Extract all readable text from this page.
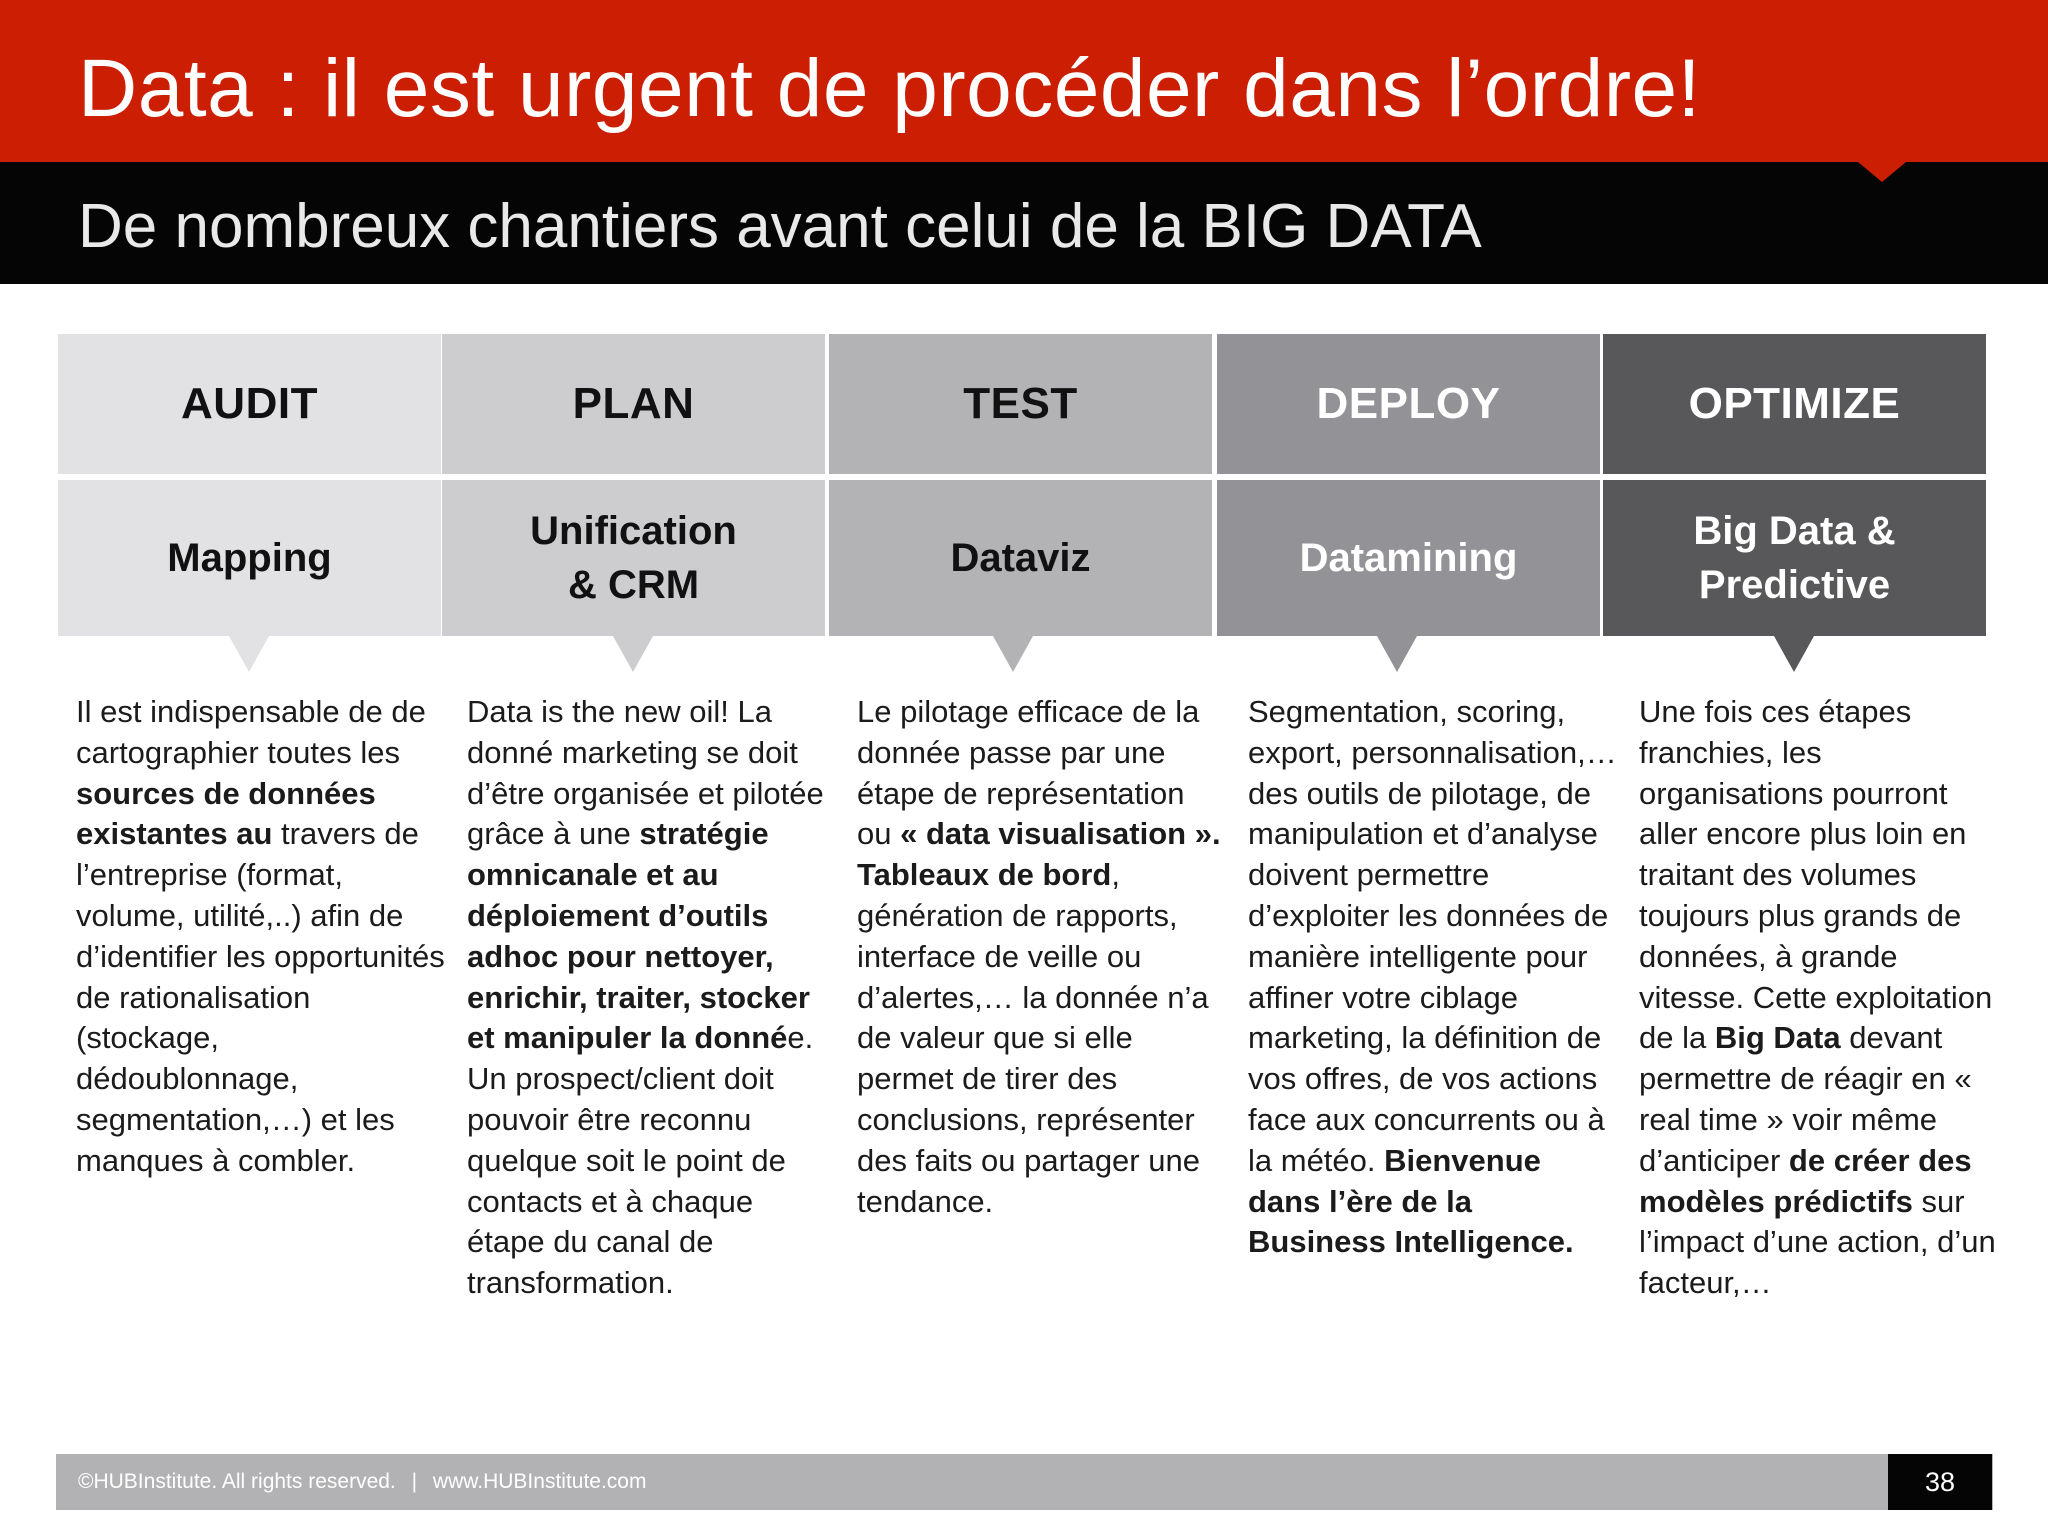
Data : il est urgent de procéder dans l’ordre!
De nombreux chantiers avant celui de la BIG DATA
AUDIT
Mapping
PLAN
Unification
& CRM
TEST
Dataviz
DEPLOY
Datamining
OPTIMIZE
Big Data &
Predictive
Il est indispensable de de cartographier toutes les sources de données existantes au travers de l’entreprise (format, volume, utilité,..) afin de d’identifier les opportunités de rationalisation (stockage, dédoublonnage, segmentation,…) et les manques à combler.
Data is the new oil! La donné marketing se doit d’être organisée et pilotée grâce à une stratégie omnicanale et au déploiement d’outils adhoc pour nettoyer, enrichir, traiter, stocker et manipuler la donnée. Un prospect/client doit pouvoir être reconnu quelque soit le point de contacts et à chaque étape du canal de transformation.
Le pilotage efficace de la donnée passe par une étape de représentation ou « data visualisation ». Tableaux de bord, génération de rapports, interface de veille ou d’alertes,… la donnée n’a de valeur que si elle permet de tirer des conclusions, représenter des faits ou partager une tendance.
Segmentation, scoring, export, personnalisation,… des outils de pilotage, de manipulation et d’analyse doivent permettre d’exploiter les données de manière intelligente pour affiner votre ciblage marketing, la définition de vos offres, de vos actions face aux concurrents ou à la météo. Bienvenue dans l’ère de la Business Intelligence.
Une fois ces étapes franchies, les organisations pourront aller encore plus loin en traitant des volumes toujours plus grands de données, à grande vitesse. Cette exploitation de la Big Data devant permettre de réagir en « real time » voir même d’anticiper de créer des modèles prédictifs sur l’impact d’une action, d’un facteur,…
©HUBInstitute. All rights reserved. | www.HUBInstitute.com	38
